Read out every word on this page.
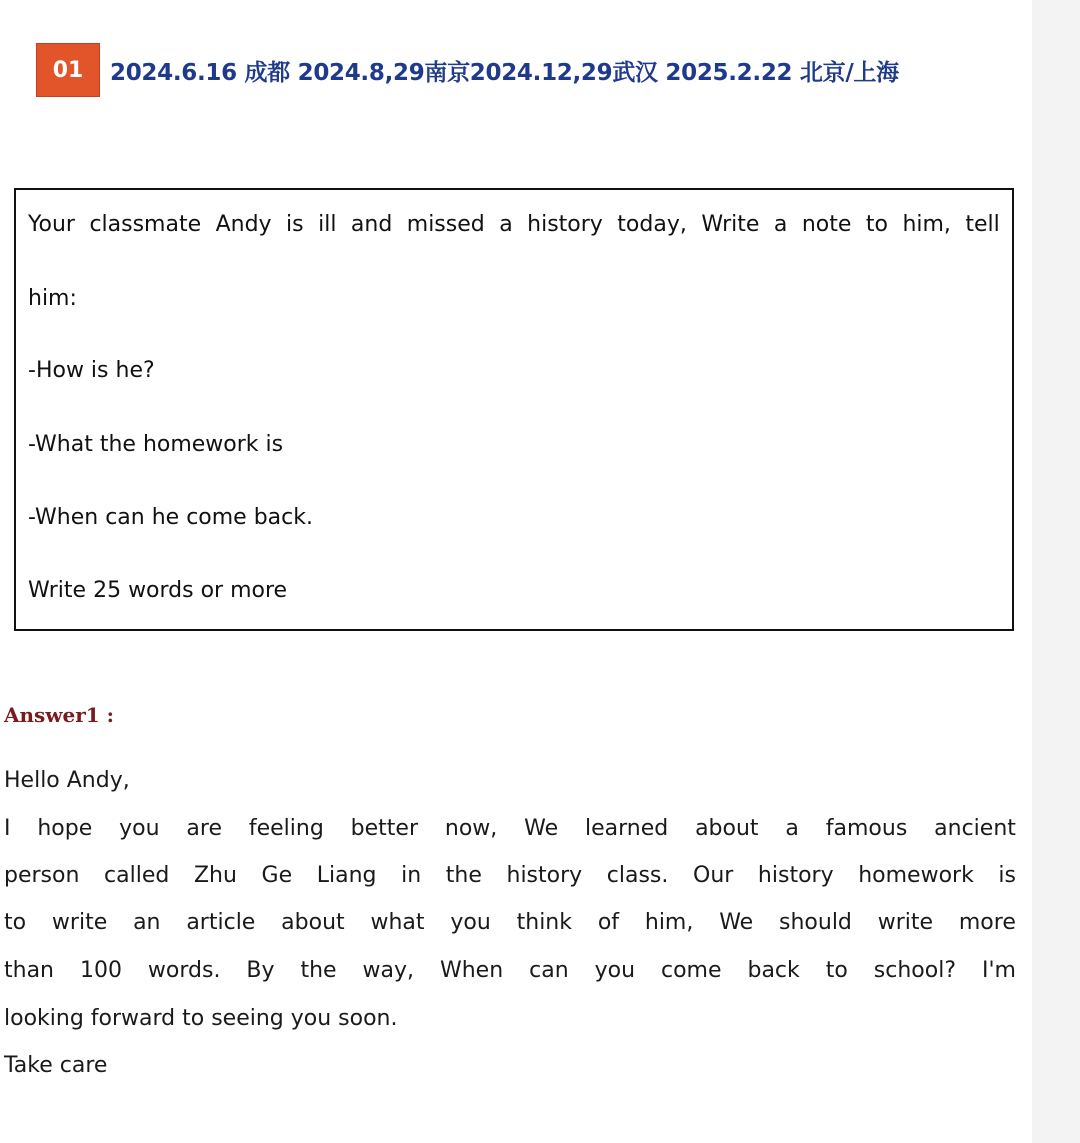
01	2024.6.16 成都 2024.8,29南京2024.12,29武汉 2025.2.22 北京/上海
Your classmate Andy is ill and missed a history today, Write a note to him, tell
him:
-How is he?
-What the homework is
-When can he come back.
Write 25 words or more
Answer1 :
Hello Andy,
I hope you are feeling better now, We learned about a famous ancient
person called Zhu Ge Liang in the history class. Our history homework is
to write an article about what you think of him, We should write more
than 100 words. By the way, When can you come back to school? I'm
looking forward to seeing you soon.
Take care
